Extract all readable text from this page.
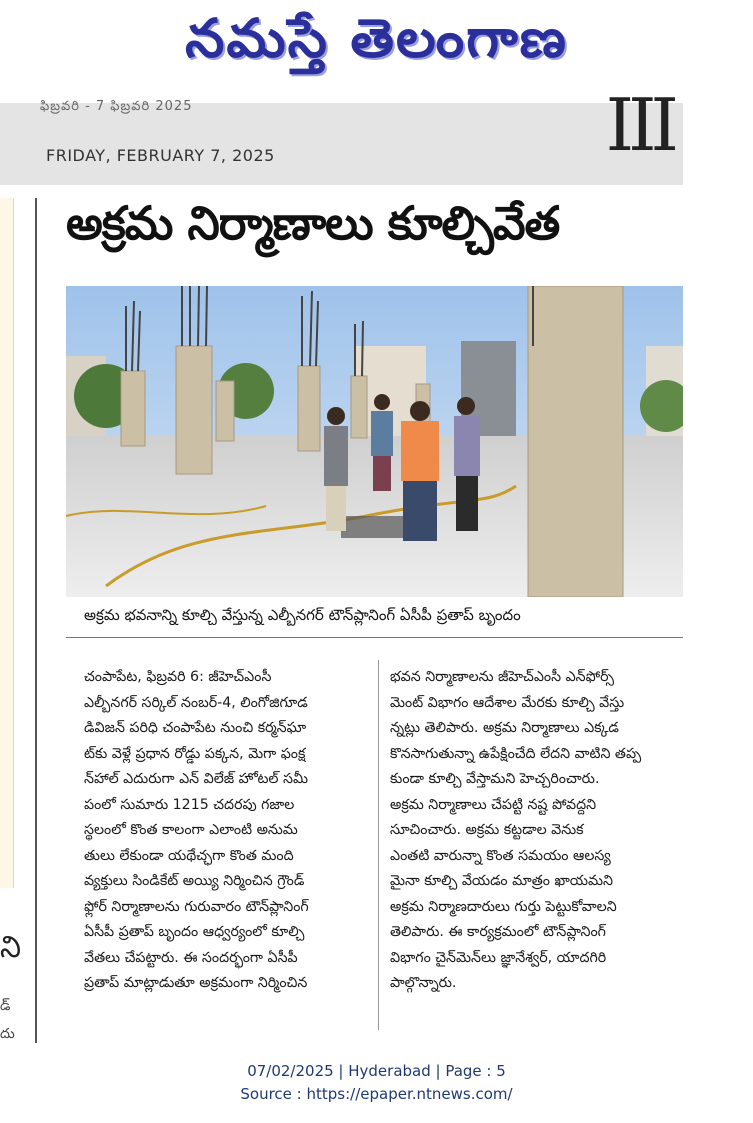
నమస్తే తెలంగాణ
ఫిబ్రవరి - 7 ఫిబ్రవరి 2025	III
FRIDAY, FEBRUARY 7, 2025
ని
డ్
దు
అక్రమ నిర్మాణాలు కూల్చివేత
అక్రమ భవనాన్ని కూల్చి వేస్తున్న ఎల్బీనగర్ టౌన్‌ప్లానింగ్ ఏసీపీ ప్రతాప్ బృందం

చంపాపేట, ఫిబ్రవరి 6: జీహెచ్ఎంసీ

ఎల్బీనగర్ సర్కిల్ నంబర్-4, లింగోజిగూడ

డివిజన్ పరిధి చంపాపేట నుంచి కర్మన్‌ఘా

ట్‌కు వెళ్లే ప్రధాన రోడ్డు పక్కన, మెగా ఫంక్ష

న్‌హాల్ ఎదురుగా ఎన్ విలేజ్ హోటల్ సమీ

పంలో సుమారు 1215 చదరపు గజాల

స్థలంలో కొంత కాలంగా ఎలాంటి అనుమ

తులు లేకుండా యథేచ్ఛగా కొంత మంది

వ్యక్తులు సిండికేట్ అయ్యి నిర్మించిన గ్రౌండ్

ఫ్లోర్ నిర్మాణాలను గురువారం టౌన్‌ప్లానింగ్

ఏసీపీ ప్రతాప్ బృందం ఆధ్వర్యంలో కూల్చి

వేతలు చేపట్టారు. ఈ సందర్భంగా ఏసీపీ

ప్రతాప్ మాట్లాడుతూ అక్రమంగా నిర్మించిన

భవన నిర్మాణాలను జీహెచ్ఎంసీ ఎన్‌ఫోర్స్

మెంట్ విభాగం ఆదేశాల మేరకు కూల్చి వేస్తు

న్నట్లు తెలిపారు. అక్రమ నిర్మాణాలు ఎక్కడ

కొనసాగుతున్నా ఉపేక్షించేది లేదని వాటిని తప్ప

కుండా కూల్చి వేస్తామని హెచ్చరించారు.

అక్రమ నిర్మాణాలు చేపట్టి నష్ట పోవద్దని

సూచించారు. అక్రమ కట్టడాల వెనుక

ఎంతటి వారున్నా కొంత సమయం ఆలస్య

మైనా కూల్చి వేయడం మాత్రం ఖాయమని

అక్రమ నిర్మాణదారులు గుర్తు పెట్టుకోవాలని

తెలిపారు. ఈ కార్యక్రమంలో టౌన్‌ప్లానింగ్

విభాగం చైన్‌మెన్‌లు జ్ఞానేశ్వర్, యాదగిరి

పాల్గొన్నారు.

07/02/2025 | Hyderabad | Page : 5
Source : https://epaper.ntnews.com/
